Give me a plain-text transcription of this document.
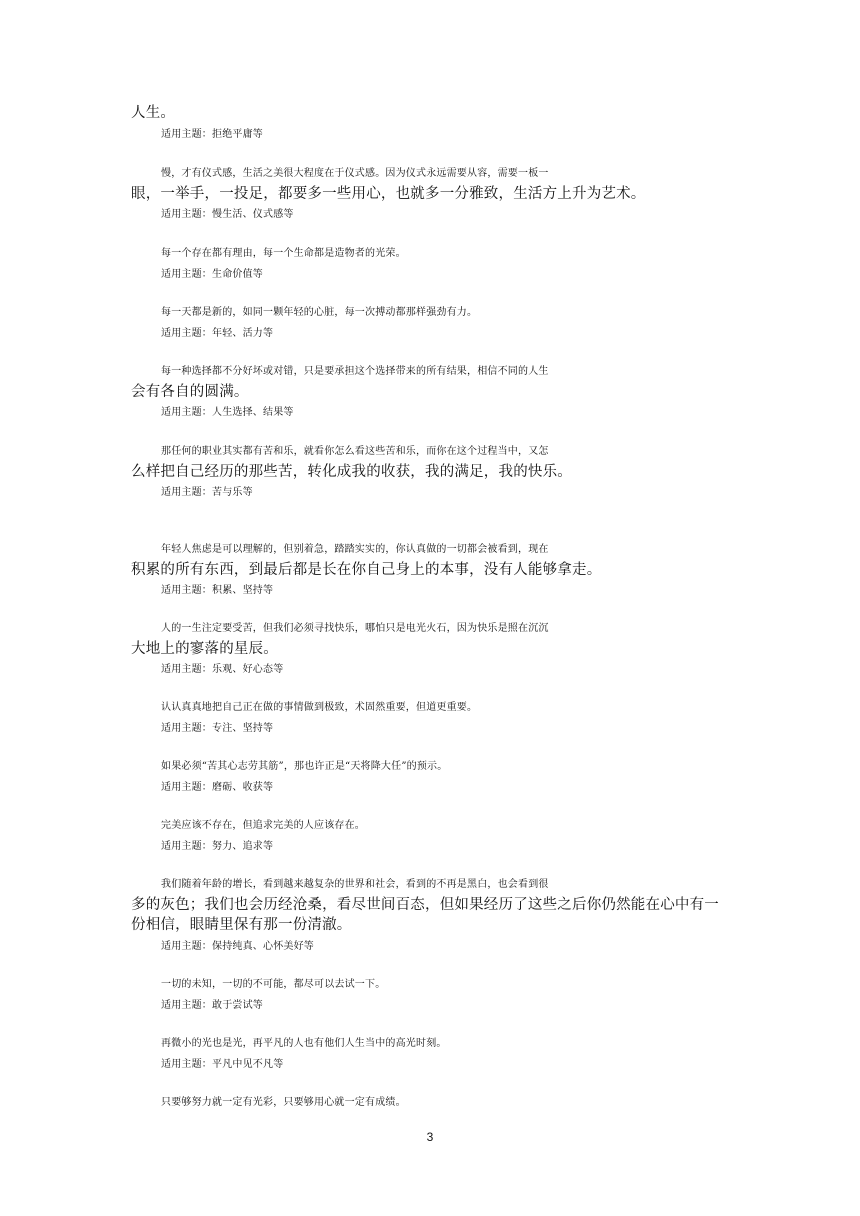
人生。
适用主题：拒绝平庸等
慢，才有仪式感，生活之美很大程度在于仪式感。因为仪式永远需要从容，需要一板一
眼，一举手，一投足，都要多一些用心，也就多一分雅致，生活方上升为艺术。
适用主题：慢生活、仪式感等
每一个存在都有理由，每一个生命都是造物者的光荣。
适用主题：生命价值等
每一天都是新的，如同一颗年轻的心脏，每一次搏动都那样强劲有力。
适用主题：年轻、活力等
每一种选择都不分好坏或对错，只是要承担这个选择带来的所有结果，相信不同的人生
会有各自的圆满。
适用主题：人生选择、结果等
那任何的职业其实都有苦和乐，就看你怎么看这些苦和乐，而你在这个过程当中，又怎
么样把自己经历的那些苦，转化成我的收获，我的满足，我的快乐。
适用主题：苦与乐等
年轻人焦虑是可以理解的，但别着急，踏踏实实的，你认真做的一切都会被看到，现在
积累的所有东西，到最后都是长在你自己身上的本事，没有人能够拿走。
适用主题：积累、坚持等
人的一生注定要受苦，但我们必须寻找快乐，哪怕只是电光火石，因为快乐是照在沉沉
大地上的寥落的星辰。
适用主题：乐观、好心态等
认认真真地把自己正在做的事情做到极致，术固然重要，但道更重要。
适用主题：专注、坚持等
如果必须“苦其心志劳其筋”，那也许正是“天将降大任”的预示。
适用主题：磨砺、收获等
完美应该不存在，但追求完美的人应该存在。
适用主题：努力、追求等
我们随着年龄的增长，看到越来越复杂的世界和社会，看到的不再是黑白，也会看到很
多的灰色；我们也会历经沧桑，看尽世间百态，但如果经历了这些之后你仍然能在心中有一
份相信，眼睛里保有那一份清澈。
适用主题：保持纯真、心怀美好等
一切的未知，一切的不可能，都尽可以去试一下。
适用主题：敢于尝试等
再微小的光也是光，再平凡的人也有他们人生当中的高光时刻。
适用主题：平凡中见不凡等
只要够努力就一定有光彩，只要够用心就一定有成绩。
3
